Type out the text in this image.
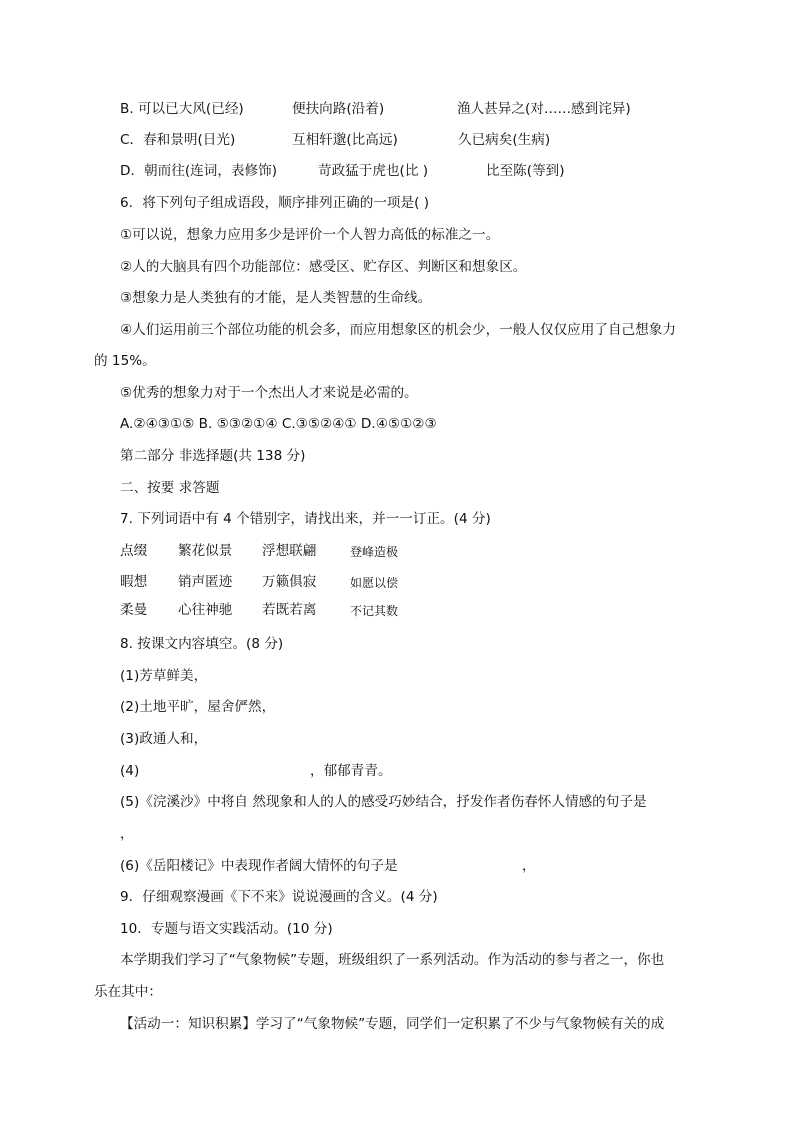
B. 可以已大风(已经)	便扶向路(沿着)	渔人甚异之(对……感到诧异)
C．春和景明(日光)	互相轩邈(比高远)	久已病矣(生病)
D．朝而往(连词，表修饰)	苛政猛于虎也(比 )	比至陈(等到)
6．将下列句子组成语段，顺序排列正确的一项是( )
①可以说，想象力应用多少是评价一个人智力高低的标准之一。
②人的大脑具有四个功能部位：感受区、贮存区、判断区和想象区。
③想象力是人类独有的才能，是人类智慧的生命线。
④人们运用前三个部位功能的机会多，而应用想象区的机会少，一般人仅仅应用了自己想象力
的 15%。
⑤优秀的想象力对于一个杰出人才来说是必需的。
A.②④③①⑤ B. ⑤③②①④ C.③⑤②④① D.④⑤①②③
第二部分 非选择题(共 138 分)
二、按要 求答题
7. 下列词语中有 4 个错别字，请找出来，并一一订正。(4 分)
点缀 繁花似景 浮想联翩	登峰造极
暇想 销声匿迹 万籁俱寂	如愿以偿
柔曼 心往神驰 若既若离	不记其数
8. 按课文内容填空。(8 分)
(1)芳草鲜美，
(2)土地平旷，屋舍俨然，
(3)政通人和，
(4)	，郁郁青青。
(5)《浣溪沙》中将自 然现象和人的人的感受巧妙结合，抒发作者伤春怀人情感的句子是
，
(6)《岳阳楼记》中表现作者阔大情怀的句子是	，
9．仔细观察漫画《下不来》说说漫画的含义。(4 分)
10．专题与语文实践活动。(10 分)
本学期我们学习了“气象物候”专题，班级组织了一系列活动。作为活动的参与者之一，你也
乐在其中：
【活动一：知识积累】学习了“气象物候”专题，同学们一定积累了不少与气象物候有关的成
